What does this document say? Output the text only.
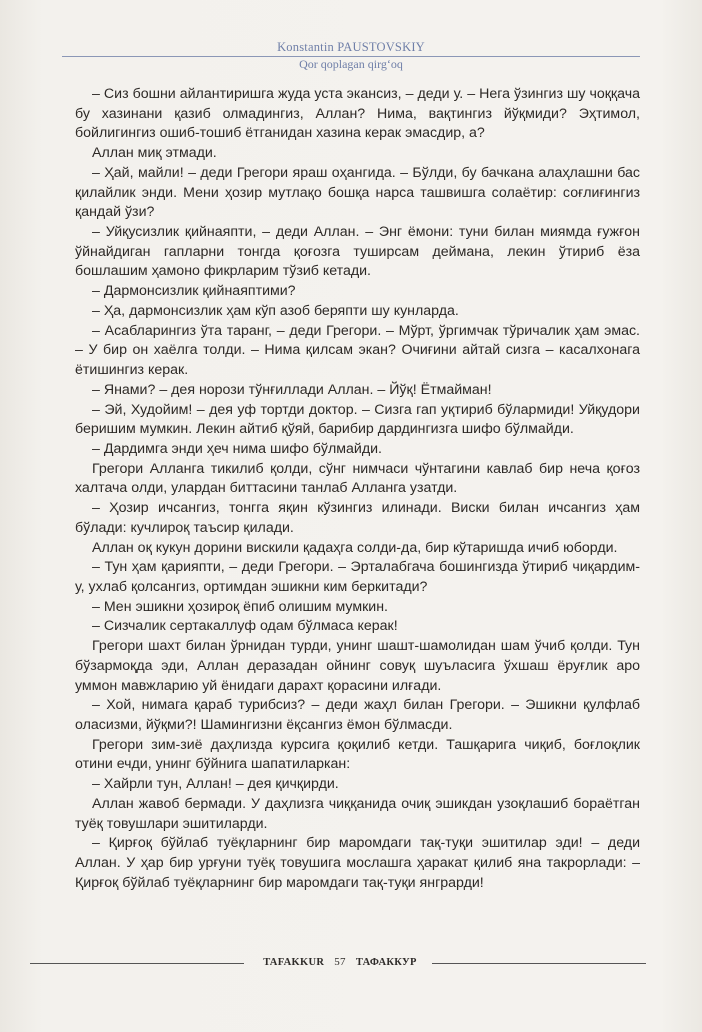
Konstantin PAUSTOVSKIY
Qor qoplagan qirg‘oq

– Сиз бошни айлантиришга жуда уста экансиз, – деди у. – Нега ўзингиз шу чоққача бу хазинани қазиб олмадингиз, Аллан? Нима, вақтингиз йўқмиди? Эҳтимол, бойлигингиз ошиб-тошиб ётганидан хазина керак эмасдир, а?

Аллан миқ этмади.

– Ҳай, майли! – деди Грегори яраш оҳангида. – Бўлди, бу бачкана алаҳлашни бас қилайлик энди. Мени ҳозир мутлақо бошқа нарса ташвишга солаётир: соғлиғингиз қандай ўзи?

– Уйқусизлик қийнаяпти, – деди Аллан. – Энг ёмони: туни билан миямда ғужғон ўйнайдиган гапларни тонгда қоғозга туширсам деймана, лекин ўтириб ёза бошлашим ҳамоно фикрларим тўзиб кетади.

– Дармонсизлик қийнаяптими?

– Ҳа, дармонсизлик ҳам кўп азоб беряпти шу кунларда.

– Асабларингиз ўта таранг, – деди Грегори. – Мўрт, ўргимчак тўричалик ҳам эмас. – У бир он хаёлга толди. – Нима қилсам экан? Очиғини айтай сизга – касалхонага ётишингиз керак.

– Янами? – дея норози тўнғиллади Аллан. – Йўқ! Ётмайман!

– Эй, Худойим! – дея уф тортди доктор. – Сизга гап уқтириб бўлармиди! Уйқудори беришим мумкин. Лекин айтиб қўяй, барибир дардингизга шифо бўлмайди.

– Дардимга энди ҳеч нима шифо бўлмайди.

Грегори Алланга тикилиб қолди, сўнг нимчаси чўнтагини кавлаб бир неча қоғоз халтача олди, улардан биттасини танлаб Алланга узатди.

– Ҳозир ичсангиз, тонгга яқин кўзингиз илинади. Виски билан ичсангиз ҳам бўлади: кучлироқ таъсир қилади.

Аллан оқ кукун дорини вискили қадаҳга солди-да, бир кўтаришда ичиб юборди.

– Тун ҳам қарияпти, – деди Грегори. – Эрталабгача бошингизда ўтириб чиқардим-у, ухлаб қолсангиз, ортимдан эшикни ким беркитади?

– Мен эшикни ҳозироқ ёпиб олишим мумкин.

– Сизчалик сертакаллуф одам бўлмаса керак!

Грегори шахт билан ўрнидан турди, унинг шашт-шамолидан шам ўчиб қолди. Тун бўзармоқда эди, Аллан деразадан ойнинг совуқ шуъласига ўхшаш ёруғлик аро уммон мавжларию уй ёнидаги дарахт қорасини илғади.

– Хой, нимага қараб турибсиз? – деди жаҳл билан Грегори. – Эшикни қулфлаб оласизми, йўқми?! Шамингизни ёқсангиз ёмон бўлмасди.

Грегори зим-зиё даҳлизда курсига қоқилиб кетди. Ташқарига чиқиб, боғлоқлик отини ечди, унинг бўйнига шапатиларкан:

– Хайрли тун, Аллан! – дея қичқирди.

Аллан жавоб бермади. У даҳлизга чиққанида очиқ эшикдан узоқлашиб бораётган туёқ товушлари эшитиларди.

– Қирғоқ бўйлаб туёқларнинг бир маромдаги тақ-туқи эшитилар эди! – деди Аллан. У ҳар бир урғуни туёқ товушига мослашга ҳаракат қилиб яна такрорлади: – Қирғоқ бўйлаб туёқларнинг бир маромдаги тақ-туқи янграрди!

TAFAKKUR 57 ТАФАККУР
